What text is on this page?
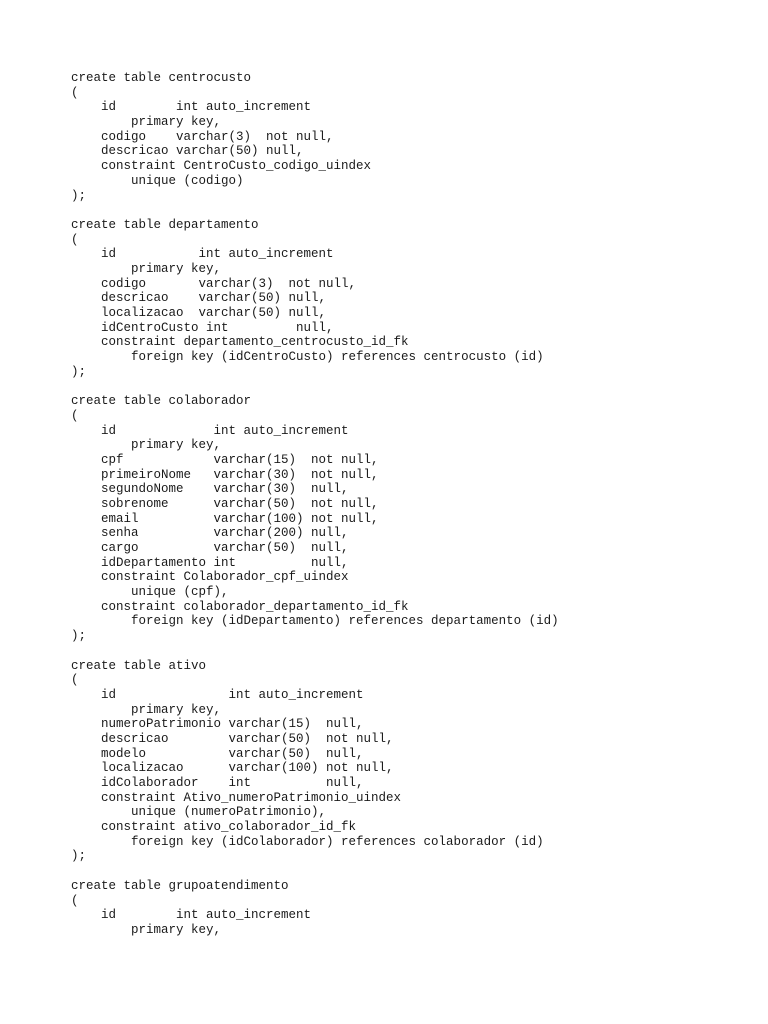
create table centrocusto
(
id        int auto_increment
primary key,
codigo    varchar(3)  not null,
descricao varchar(50) null,
constraint CentroCusto_codigo_uindex
unique (codigo)
);
create table departamento
(
id           int auto_increment
primary key,
codigo       varchar(3)  not null,
descricao    varchar(50) null,
localizacao  varchar(50) null,
idCentroCusto int         null,
constraint departamento_centrocusto_id_fk
foreign key (idCentroCusto) references centrocusto (id)
);
create table colaborador
(
id             int auto_increment
primary key,
cpf            varchar(15)  not null,
primeiroNome   varchar(30)  not null,
segundoNome    varchar(30)  null,
sobrenome      varchar(50)  not null,
email          varchar(100) not null,
senha          varchar(200) null,
cargo          varchar(50)  null,
idDepartamento int          null,
constraint Colaborador_cpf_uindex
unique (cpf),
constraint colaborador_departamento_id_fk
foreign key (idDepartamento) references departamento (id)
);
create table ativo
(
id               int auto_increment
primary key,
numeroPatrimonio varchar(15)  null,
descricao        varchar(50)  not null,
modelo           varchar(50)  null,
localizacao      varchar(100) not null,
idColaborador    int          null,
constraint Ativo_numeroPatrimonio_uindex
unique (numeroPatrimonio),
constraint ativo_colaborador_id_fk
foreign key (idColaborador) references colaborador (id)
);
create table grupoatendimento
(
id        int auto_increment
primary key,
